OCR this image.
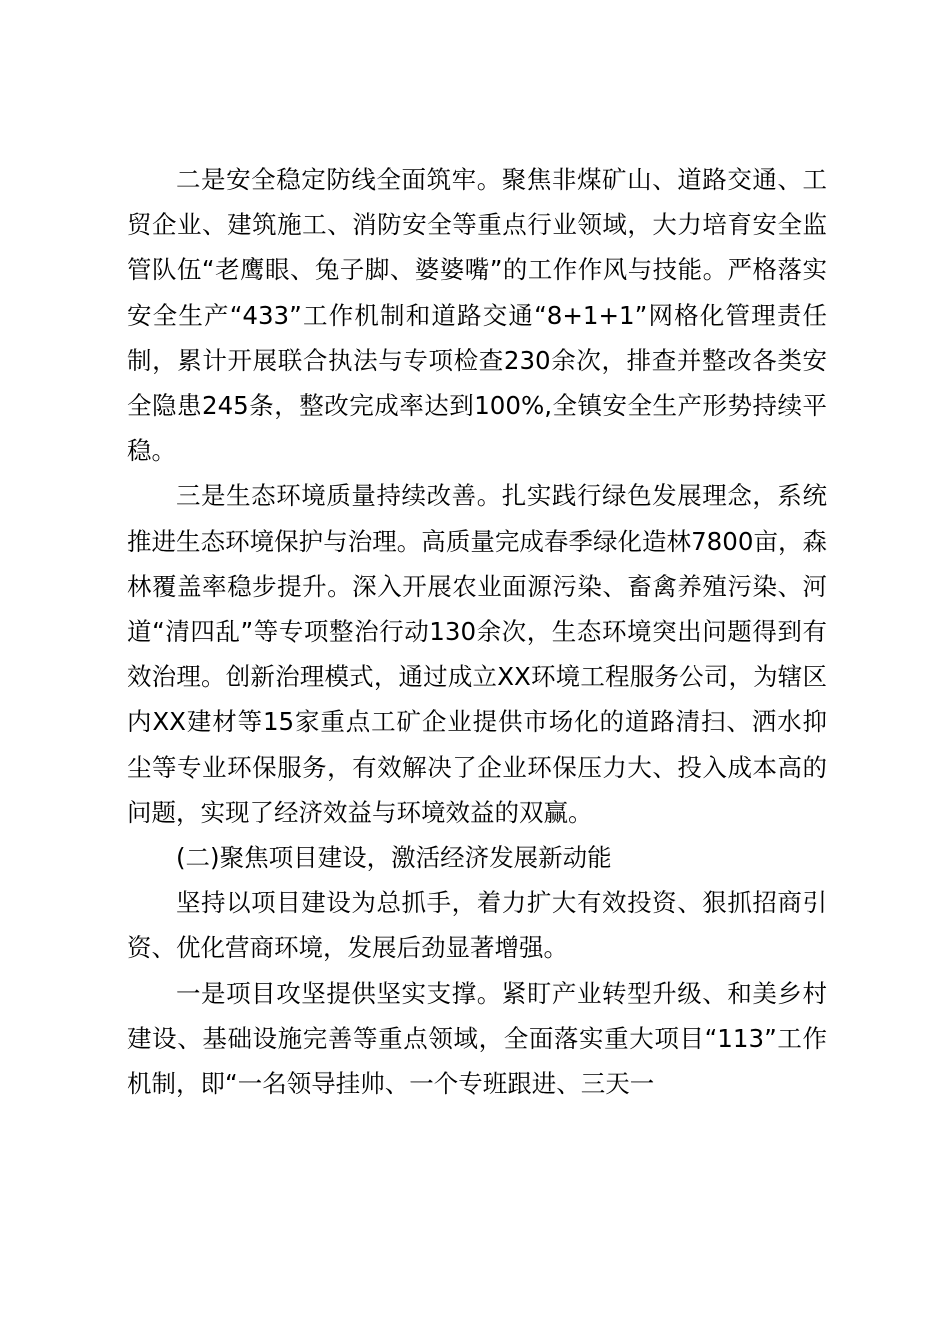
二是安全稳定防线全面筑牢。聚焦非煤矿山、道路交通、工贸企业、建筑施工、消防安全等重点行业领域，大力培育安全监管队伍“老鹰眼、兔子脚、婆婆嘴”的工作作风与技能。严格落实安全生产“433”工作机制和道路交通“8+1+1”网格化管理责任制，累计开展联合执法与专项检查230余次，排查并整改各类安全隐患245条，整改完成率达到100%,全镇安全生产形势持续平稳。

三是生态环境质量持续改善。扎实践行绿色发展理念，系统推进生态环境保护与治理。高质量完成春季绿化造林7800亩，森林覆盖率稳步提升。深入开展农业面源污染、畜禽养殖污染、河道“清四乱”等专项整治行动130余次，生态环境突出问题得到有效治理。创新治理模式，通过成立XX环境工程服务公司，为辖区内XX建材等15家重点工矿企业提供市场化的道路清扫、洒水抑尘等专业环保服务，有效解决了企业环保压力大、投入成本高的问题，实现了经济效益与环境效益的双赢。

(二)聚焦项目建设，激活经济发展新动能

坚持以项目建设为总抓手，着力扩大有效投资、狠抓招商引资、优化营商环境，发展后劲显著增强。

一是项目攻坚提供坚实支撑。紧盯产业转型升级、和美乡村建设、基础设施完善等重点领域，全面落实重大项目“113”工作机制，即“一名领导挂帅、一个专班跟进、三天一
